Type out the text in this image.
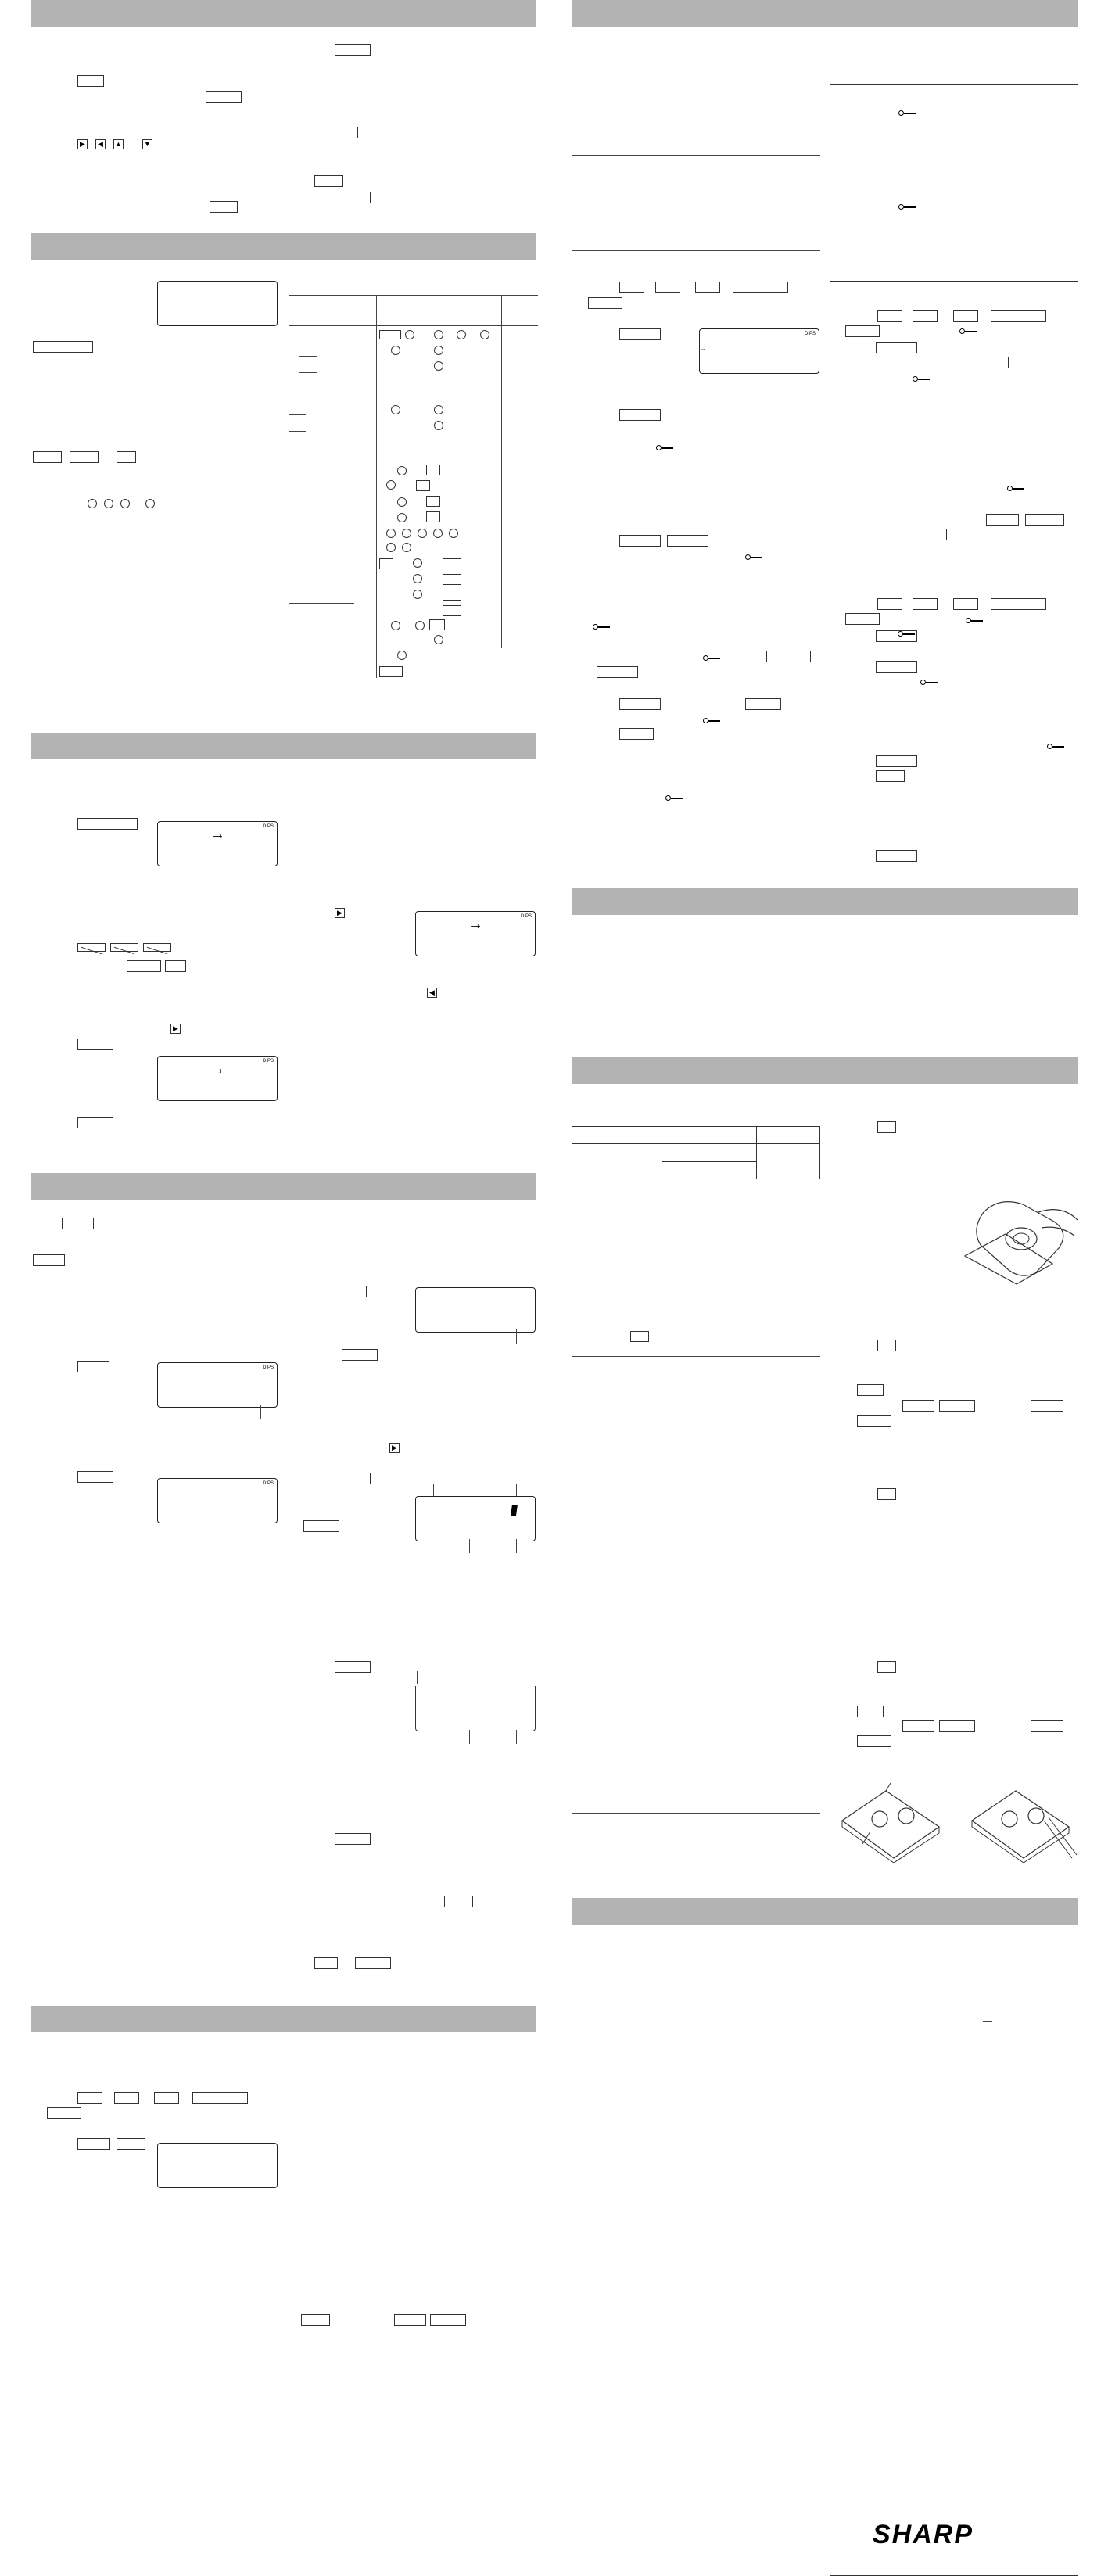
▶	◀	▲	▼
DIPS
→
▶	DIPS
→
◀
▶
DIPS
→
DIPS
▶
DIPS
DIPS
▪▪

SHARP
